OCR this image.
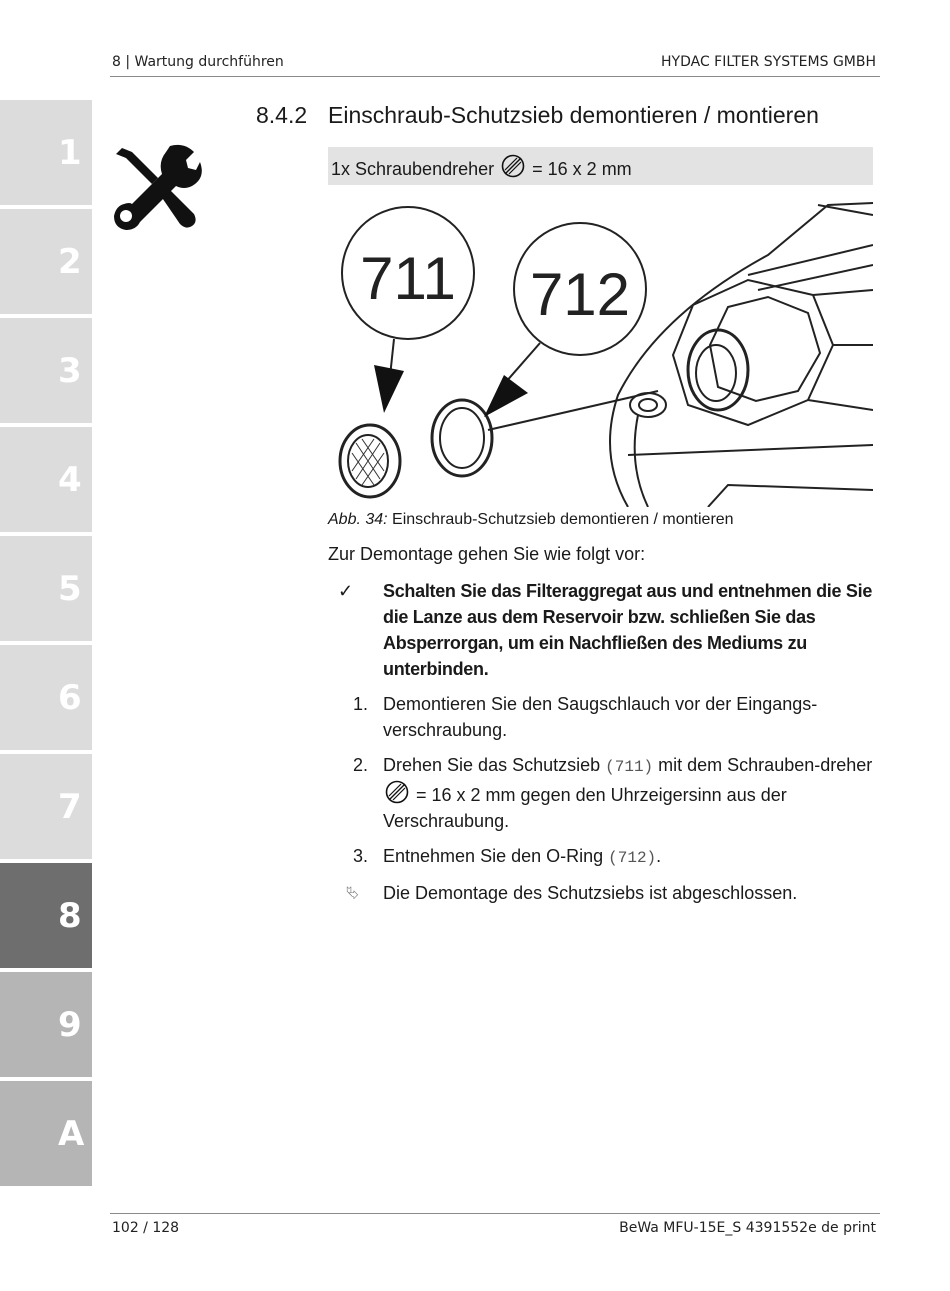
8 | Wartung durchführen	HYDAC FILTER SYSTEMS GMBH
1
2
3
4
5
6
7
8
9
A
8.4.2 Einschraub-Schutzsieb demontieren / montieren
1x Schraubendreher = 16 x 2 mm
711 712
Abb. 34: Einschraub-Schutzsieb demontieren / montieren
Zur Demontage gehen Sie wie folgt vor:
✓	Schalten Sie das Filteraggregat aus und entnehmen die Sie die Lanze aus dem Reservoir bzw. schließen Sie das Absperrorgan, um ein Nachfließen des Mediums zu unterbinden.
1. Demontieren Sie den Saugschlauch vor der Eingangs-verschraubung.
2. Drehen Sie das Schutzsieb (711) mit dem Schrauben-dreher  = 16 x 2 mm gegen den Uhrzeigersinn aus der Verschraubung.
3. Entnehmen Sie den O-Ring (712).
⮱	Die Demontage des Schutzsiebs ist abgeschlossen.
102 / 128	BeWa MFU-15E_S 4391552e de print
